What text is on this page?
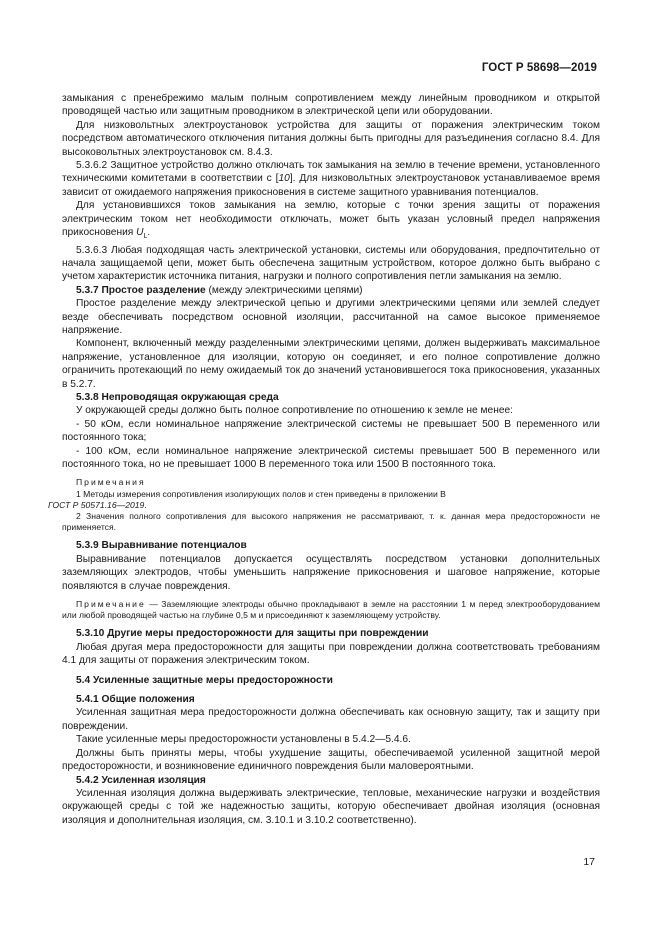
ГОСТ Р 58698—2019

замыкания с пренебрежимо малым полным сопротивлением между линейным проводником и открытой проводящей частью или защитным проводником в электрической цепи или оборудовании.

Для низковольтных электроустановок устройства для защиты от поражения электрическим током посредством автоматического отключения питания должны быть пригодны для разъединения согласно 8.4. Для высоковольтных электроустановок см. 8.4.3.

5.3.6.2 Защитное устройство должно отключать ток замыкания на землю в течение времени, установленного техническими комитетами в соответствии с [10]. Для низковольтных электроустановок устанавливаемое время зависит от ожидаемого напряжения прикосновения в системе защитного уравнивания потенциалов.

Для установившихся токов замыкания на землю, которые с точки зрения защиты от поражения электрическим током нет необходимости отключать, может быть указан условный предел напряжения прикосновения $U_L$.

5.3.6.3 Любая подходящая часть электрической установки, системы или оборудования, предпочтительно от начала защищаемой цепи, может быть обеспечена защитным устройством, которое должно быть выбрано с учетом характеристик источника питания, нагрузки и полного сопротивления петли замыкания на землю.

5.3.7 Простое разделение (между электрическими цепями)

Простое разделение между электрической цепью и другими электрическими цепями или землей следует везде обеспечивать посредством основной изоляции, рассчитанной на самое высокое применяемое напряжение.

Компонент, включенный между разделенными электрическими цепями, должен выдерживать максимальное напряжение, установленное для изоляции, которую он соединяет, и его полное сопротивление должно ограничить протекающий по нему ожидаемый ток до значений установившегося тока прикосновения, указанных в 5.2.7.

5.3.8 Непроводящая окружающая среда

У окружающей среды должно быть полное сопротивление по отношению к земле не менее:

- 50 кОм, если номинальное напряжение электрической системы не превышает 500 В переменного или постоянного тока;

- 100 кОм, если номинальное напряжение электрической системы превышает 500 В переменного или постоянного тока, но не превышает 1000 В переменного тока или 1500 В постоянного тока.

Примечания

1 Методы измерения сопротивления изолирующих полов и стен приведены в приложении В
ГОСТ Р 50571.16—2019.

2 Значения полного сопротивления для высокого напряжения не рассматривают, т. к. данная мера предосторожности не применяется.

5.3.9 Выравнивание потенциалов

Выравнивание потенциалов допускается осуществлять посредством установки дополнительных заземляющих электродов, чтобы уменьшить напряжение прикосновения и шаговое напряжение, которые появляются в случае повреждения.

Примечание — Заземляющие электроды обычно прокладывают в земле на расстоянии 1 м перед электрооборудованием или любой проводящей частью на глубине 0,5 м и присоединяют к заземляющему устройству.

5.3.10 Другие меры предосторожности для защиты при повреждении

Любая другая мера предосторожности для защиты при повреждении должна соответствовать требованиям 4.1 для защиты от поражения электрическим током.

5.4 Усиленные защитные меры предосторожности

5.4.1 Общие положения

Усиленная защитная мера предосторожности должна обеспечивать как основную защиту, так и защиту при повреждении.

Такие усиленные меры предосторожности установлены в 5.4.2—5.4.6.

Должны быть приняты меры, чтобы ухудшение защиты, обеспечиваемой усиленной защитной мерой предосторожности, и возникновение единичного повреждения были маловероятными.

5.4.2 Усиленная изоляция

Усиленная изоляция должна выдерживать электрические, тепловые, механические нагрузки и воздействия окружающей среды с той же надежностью защиты, которую обеспечивает двойная изоляция (основная изоляция и дополнительная изоляция, см. 3.10.1 и 3.10.2 соответственно).

17
